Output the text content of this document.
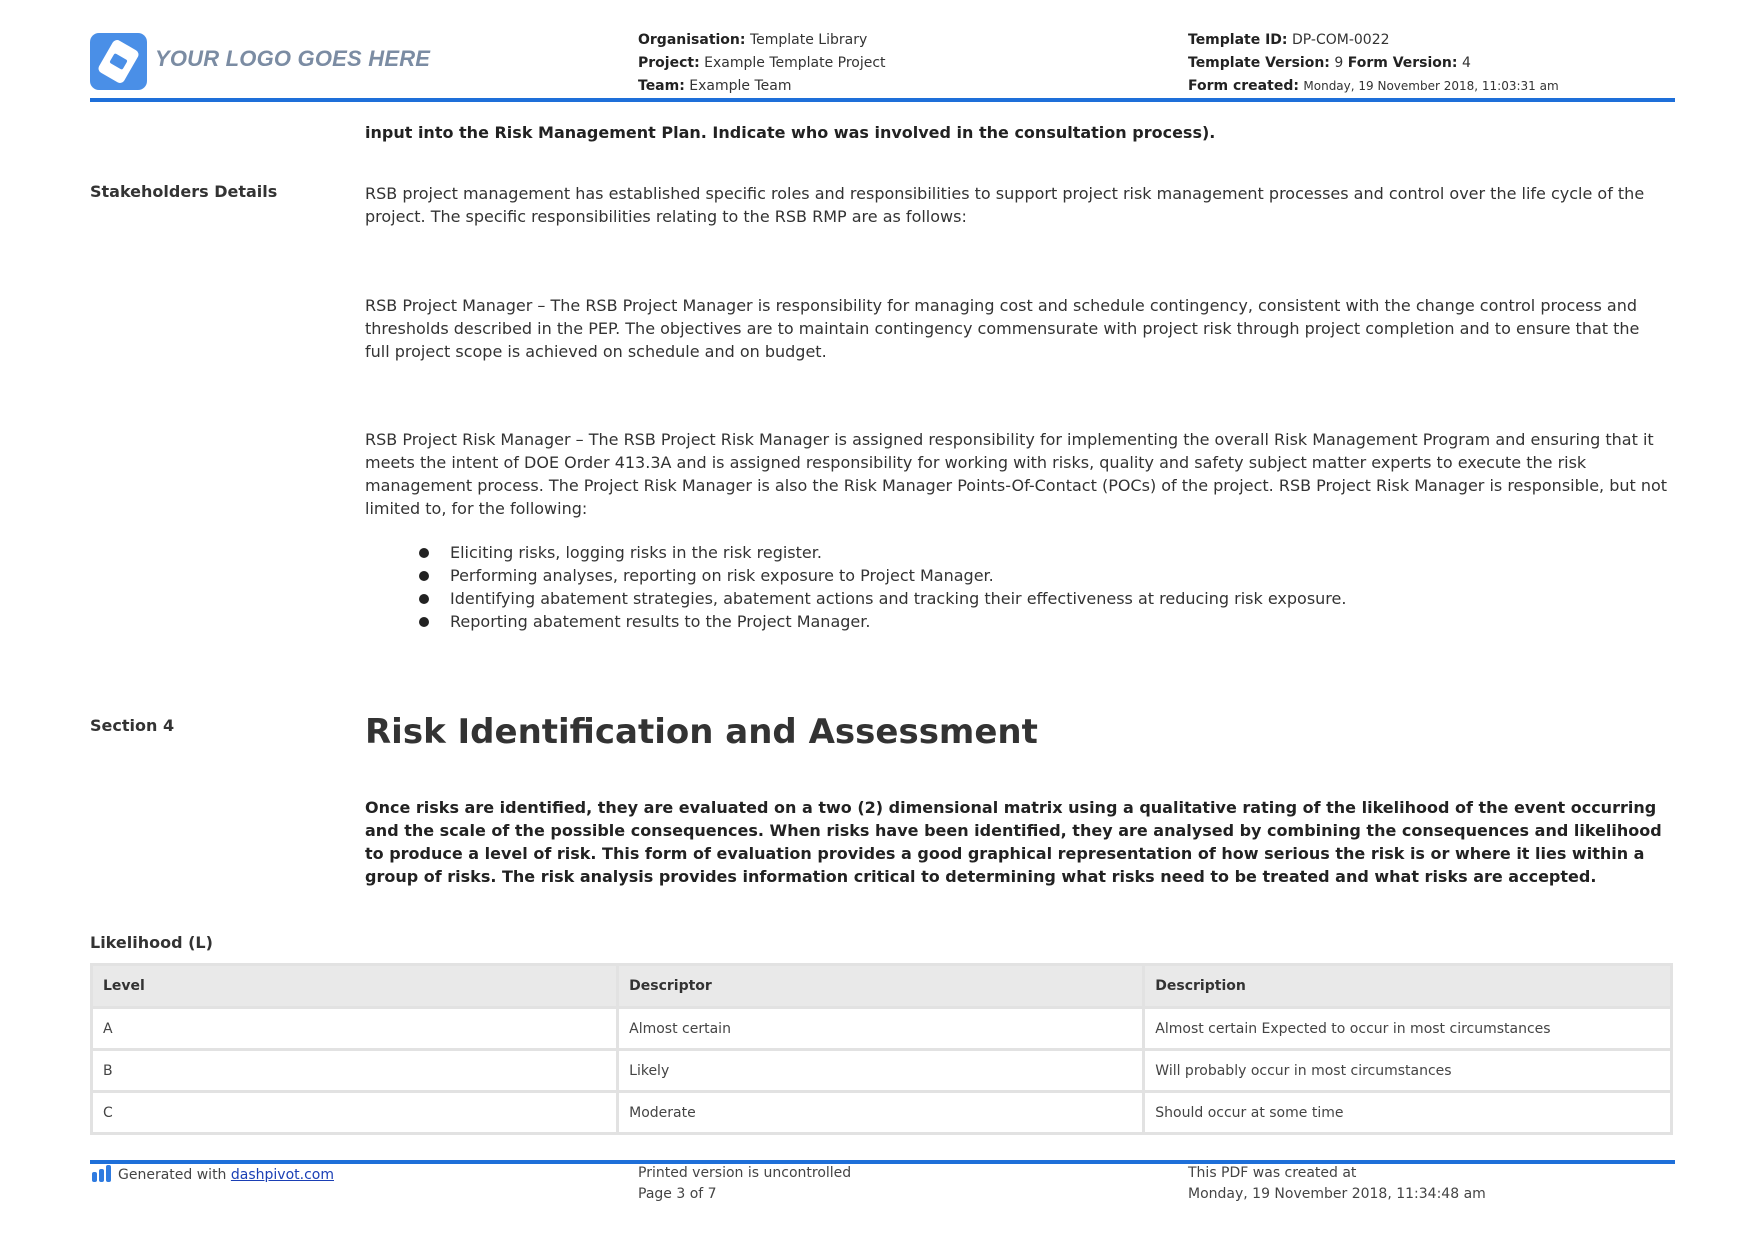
YOUR LOGO GOES HERE
Organisation: Template Library
Project: Example Template Project
Team: Example Team
Template ID: DP-COM-0022
Template Version: 9 Form Version: 4
Form created: Monday, 19 November 2018, 11:03:31 am
input into the Risk Management Plan. Indicate who was involved in the consultation process).
Stakeholders Details	RSB project management has established specific roles and responsibilities to support project risk management processes and control over the life cycle of the project. The specific responsibilities relating to the RSB RMP are as follows:
RSB Project Manager – The RSB Project Manager is responsibility for managing cost and schedule contingency, consistent with the change control process and thresholds described in the PEP. The objectives are to maintain contingency commensurate with project risk through project completion and to ensure that the full project scope is achieved on schedule and on budget.
RSB Project Risk Manager – The RSB Project Risk Manager is assigned responsibility for implementing the overall Risk Management Program and ensuring that it meets the intent of DOE Order 413.3A and is assigned responsibility for working with risks, quality and safety subject matter experts to execute the risk management process. The Project Risk Manager is also the Risk Manager Points-Of-Contact (POCs) of the project. RSB Project Risk Manager is responsible, but not limited to, for the following:
Eliciting risks, logging risks in the risk register.
Performing analyses, reporting on risk exposure to Project Manager.
Identifying abatement strategies, abatement actions and tracking their effectiveness at reducing risk exposure.
Reporting abatement results to the Project Manager.
Section 4	Risk Identification and Assessment
Once risks are identified, they are evaluated on a two (2) dimensional matrix using a qualitative rating of the likelihood of the event occurring and the scale of the possible consequences. When risks have been identified, they are analysed by combining the consequences and likelihood to produce a level of risk. This form of evaluation provides a good graphical representation of how serious the risk is or where it lies within a group of risks. The risk analysis provides information critical to determining what risks need to be treated and what risks are accepted.
Likelihood (L)
Level	Descriptor	Description
A	Almost certain	Almost certain Expected to occur in most circumstances
B	Likely	Will probably occur in most circumstances
C	Moderate	Should occur at some time
Generated with dashpivot.com	Printed version is uncontrolled
Page 3 of 7
This PDF was created at
Monday, 19 November 2018, 11:34:48 am
